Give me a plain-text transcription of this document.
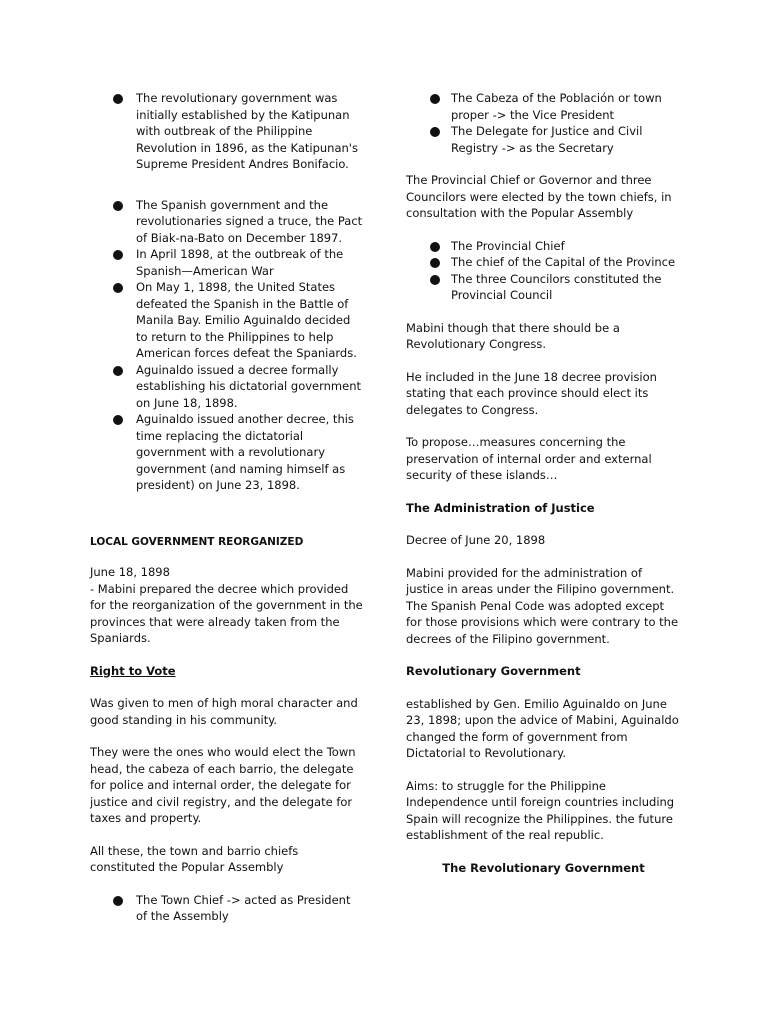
The revolutionary government was initially established by the Katipunan with outbreak of the Philippine Revolution in 1896, as the Katipunan's Supreme President Andres Bonifacio.
The Spanish government and the revolutionaries signed a truce, the Pact of Biak-na-Bato on December 1897.
In April 1898, at the outbreak of the Spanish—American War
On May 1, 1898, the United States defeated the Spanish in the Battle of Manila Bay. Emilio Aguinaldo decided to return to the Philippines to help American forces defeat the Spaniards.
Aguinaldo issued a decree formally establishing his dictatorial government on June 18, 1898.
Aguinaldo issued another decree, this time replacing the dictatorial government with a revolutionary government (and naming himself as president) on June 23, 1898.

LOCAL GOVERNMENT REORGANIZED

June 18, 1898

- Mabini prepared the decree which provided for the reorganization of the government in the provinces that were already taken from the Spaniards.

Right to Vote

Was given to men of high moral character and good standing in his community.

They were the ones who would elect the Town head, the cabeza of each barrio, the delegate for police and internal order, the delegate for justice and civil registry, and the delegate for taxes and property.

All these, the town and barrio chiefs constituted the Popular Assembly

The Town Chief -> acted as President of the Assembly
The Cabeza of the Población or town proper -> the Vice President
The Delegate for Justice and Civil Registry -> as the Secretary

The Provincial Chief or Governor and three Councilors were elected by the town chiefs, in consultation with the Popular Assembly

The Provincial Chief
The chief of the Capital of the Province
The three Councilors constituted the Provincial Council

Mabini though that there should be a Revolutionary Congress.

He included in the June 18 decree provision stating that each province should elect its delegates to Congress.

To propose…measures concerning the preservation of internal order and external security of these islands…

The Administration of Justice

Decree of June 20, 1898

Mabini provided for the administration of justice in areas under the Filipino government. The Spanish Penal Code was adopted except for those provisions which were contrary to the decrees of the Filipino government.

Revolutionary Government

established by Gen. Emilio Aguinaldo on June 23, 1898; upon the advice of Mabini, Aguinaldo changed the form of government from Dictatorial to Revolutionary.

Aims: to struggle for the Philippine Independence until foreign countries including Spain will recognize the Philippines. the future establishment of the real republic.

The Revolutionary Government
